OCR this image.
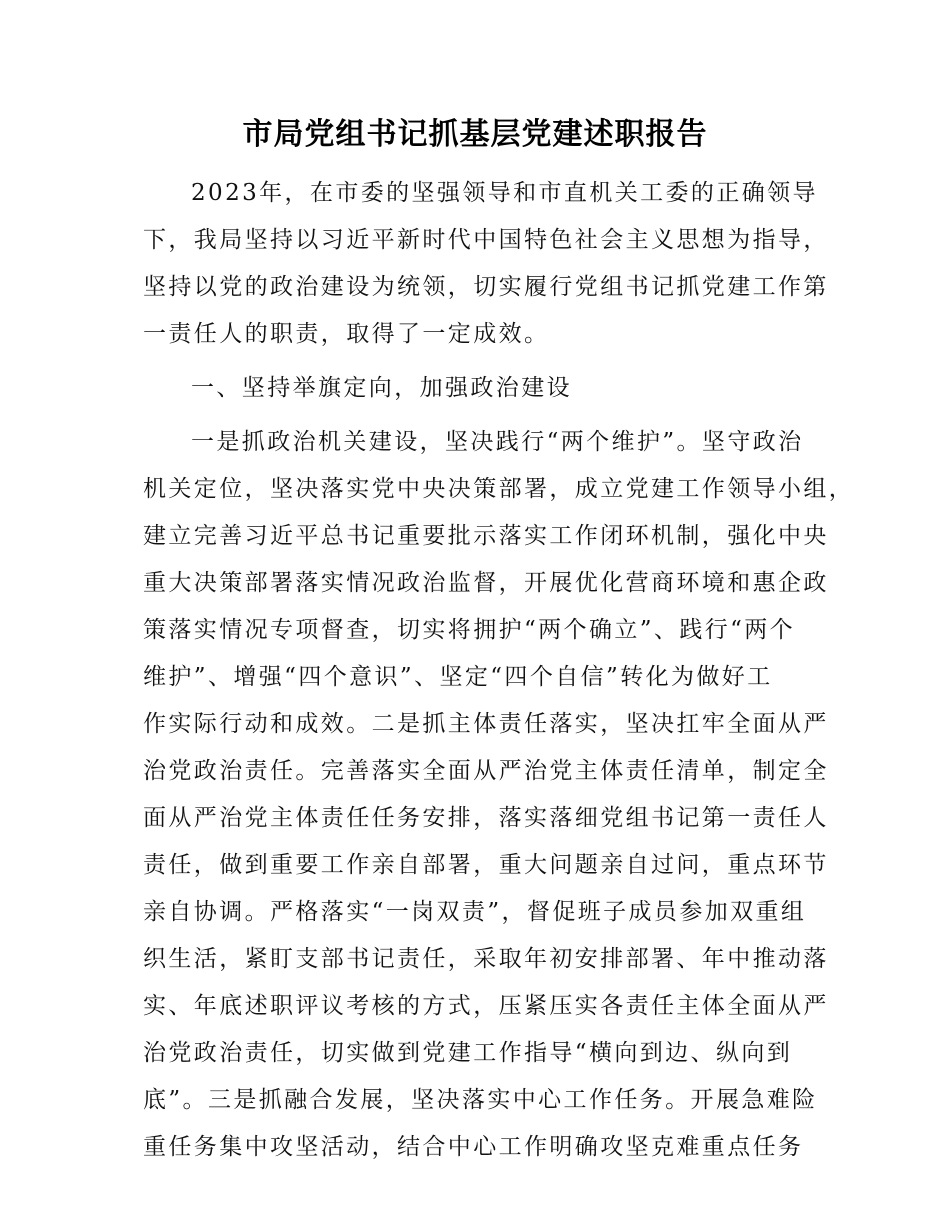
市局党组书记抓基层党建述职报告
2023年，在市委的坚强领导和市直机关工委的正确领导
下，我局坚持以习近平新时代中国特色社会主义思想为指导，
坚持以党的政治建设为统领，切实履行党组书记抓党建工作第
一责任人的职责，取得了一定成效。
一、坚持举旗定向，加强政治建设
一是抓政治机关建设，坚决践行“两个维护”。坚守政治
机关定位，坚决落实党中央决策部署，成立党建工作领导小组，
建立完善习近平总书记重要批示落实工作闭环机制，强化中央
重大决策部署落实情况政治监督，开展优化营商环境和惠企政
策落实情况专项督查，切实将拥护“两个确立”、践行“两个
维护”、增强“四个意识”、坚定“四个自信”转化为做好工
作实际行动和成效。二是抓主体责任落实，坚决扛牢全面从严
治党政治责任。完善落实全面从严治党主体责任清单，制定全
面从严治党主体责任任务安排，落实落细党组书记第一责任人
责任，做到重要工作亲自部署，重大问题亲自过问，重点环节
亲自协调。严格落实“一岗双责”，督促班子成员参加双重组
织生活，紧盯支部书记责任，采取年初安排部署、年中推动落
实、年底述职评议考核的方式，压紧压实各责任主体全面从严
治党政治责任，切实做到党建工作指导“横向到边、纵向到
底”。三是抓融合发展，坚决落实中心工作任务。开展急难险
重任务集中攻坚活动，结合中心工作明确攻坚克难重点任务
